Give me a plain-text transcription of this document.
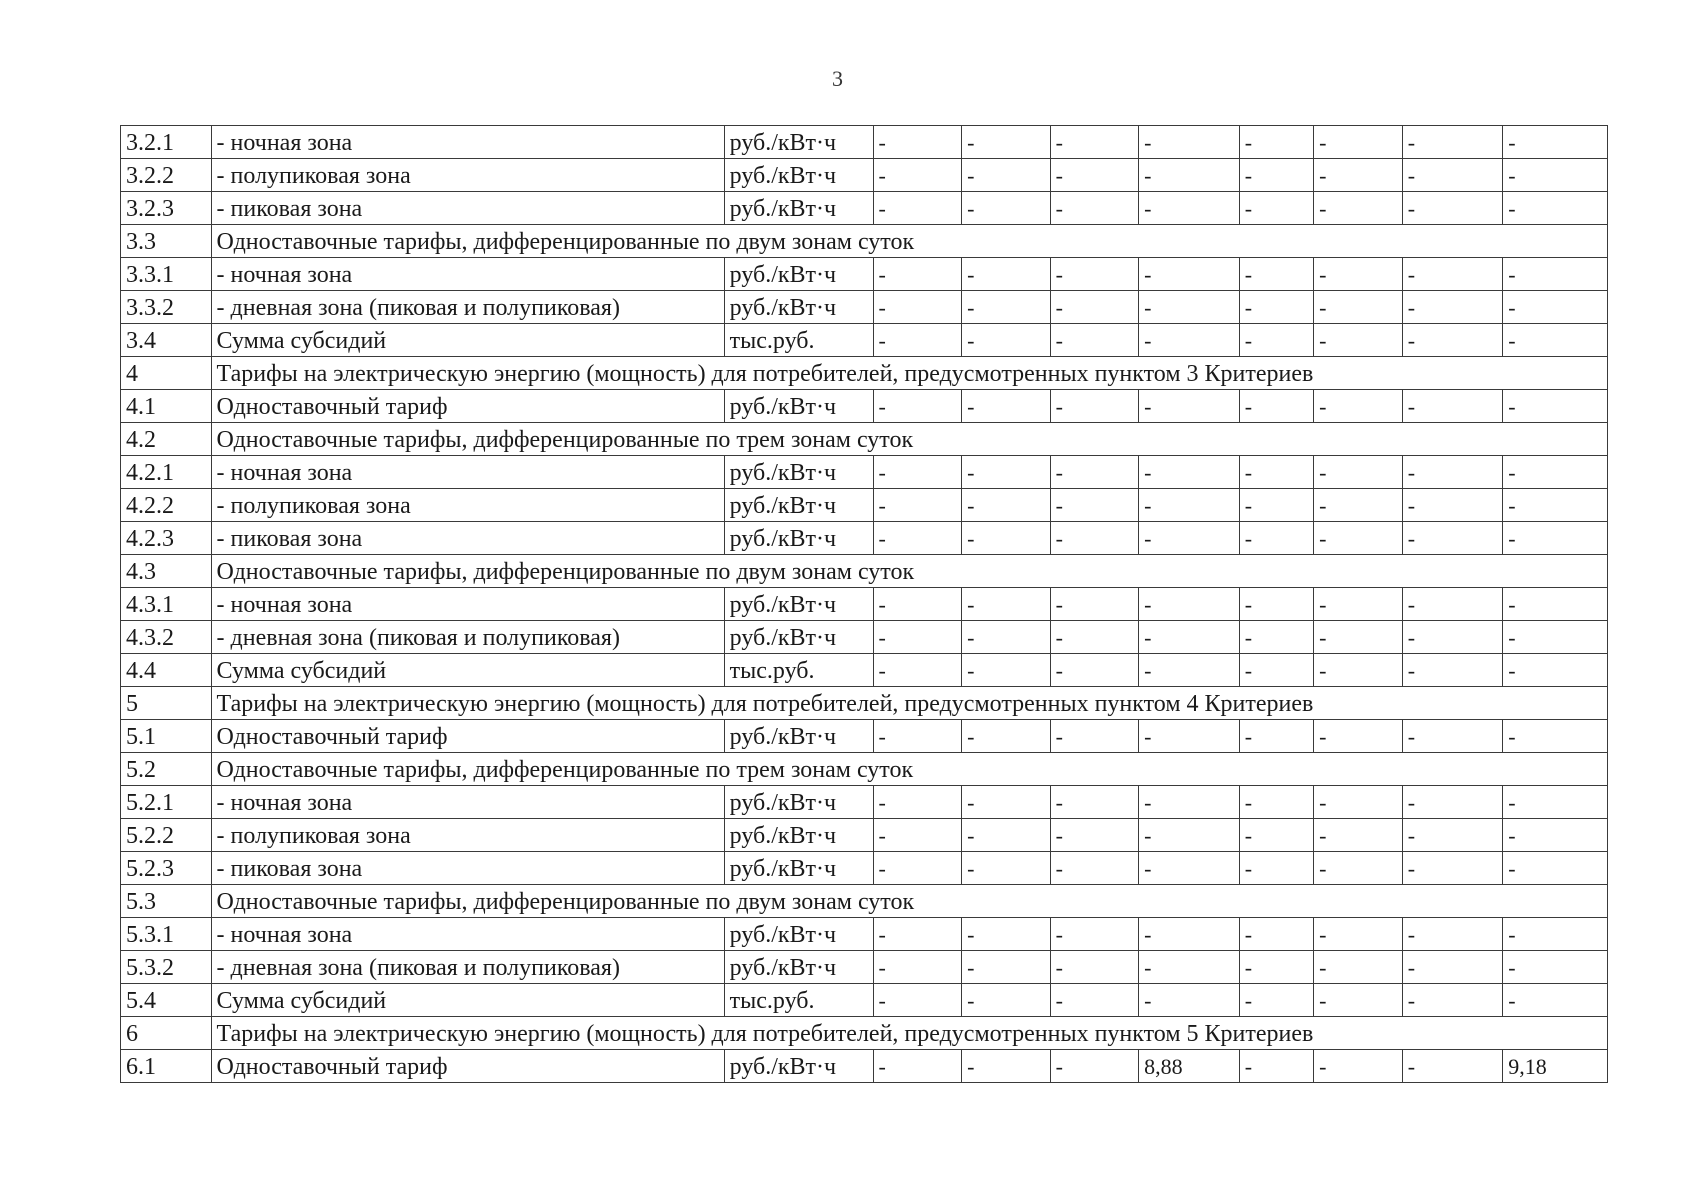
3
3.2.1	- ночная зона	руб./кВт·ч	-	-	-	-	-	-	-	-
3.2.2	- полупиковая зона	руб./кВт·ч	-	-	-	-	-	-	-	-
3.2.3	- пиковая зона	руб./кВт·ч	-	-	-	-	-	-	-	-
3.3	Одноставочные тарифы, дифференцированные по двум зонам суток									
3.3.1	- ночная зона	руб./кВт·ч	-	-	-	-	-	-	-	-
3.3.2	- дневная зона (пиковая и полупиковая)	руб./кВт·ч	-	-	-	-	-	-	-	-
3.4	Сумма субсидий	тыс.руб.	-	-	-	-	-	-	-	-
4	Тарифы на электрическую энергию (мощность) для потребителей, предусмотренных пунктом 3 Критериев									
4.1	Одноставочный тариф	руб./кВт·ч	-	-	-	-	-	-	-	-
4.2	Одноставочные тарифы, дифференцированные по трем зонам суток									
4.2.1	- ночная зона	руб./кВт·ч	-	-	-	-	-	-	-	-
4.2.2	- полупиковая зона	руб./кВт·ч	-	-	-	-	-	-	-	-
4.2.3	- пиковая зона	руб./кВт·ч	-	-	-	-	-	-	-	-
4.3	Одноставочные тарифы, дифференцированные по двум зонам суток									
4.3.1	- ночная зона	руб./кВт·ч	-	-	-	-	-	-	-	-
4.3.2	- дневная зона (пиковая и полупиковая)	руб./кВт·ч	-	-	-	-	-	-	-	-
4.4	Сумма субсидий	тыс.руб.	-	-	-	-	-	-	-	-
5	Тарифы на электрическую энергию (мощность) для потребителей, предусмотренных пунктом 4 Критериев									
5.1	Одноставочный тариф	руб./кВт·ч	-	-	-	-	-	-	-	-
5.2	Одноставочные тарифы, дифференцированные по трем зонам суток									
5.2.1	- ночная зона	руб./кВт·ч	-	-	-	-	-	-	-	-
5.2.2	- полупиковая зона	руб./кВт·ч	-	-	-	-	-	-	-	-
5.2.3	- пиковая зона	руб./кВт·ч	-	-	-	-	-	-	-	-
5.3	Одноставочные тарифы, дифференцированные по двум зонам суток									
5.3.1	- ночная зона	руб./кВт·ч	-	-	-	-	-	-	-	-
5.3.2	- дневная зона (пиковая и полупиковая)	руб./кВт·ч	-	-	-	-	-	-	-	-
5.4	Сумма субсидий	тыс.руб.	-	-	-	-	-	-	-	-
6	Тарифы на электрическую энергию (мощность) для потребителей, предусмотренных пунктом 5 Критериев									
6.1	Одноставочный тариф	руб./кВт·ч	-	-	-	8,88	-	-	-	9,18
